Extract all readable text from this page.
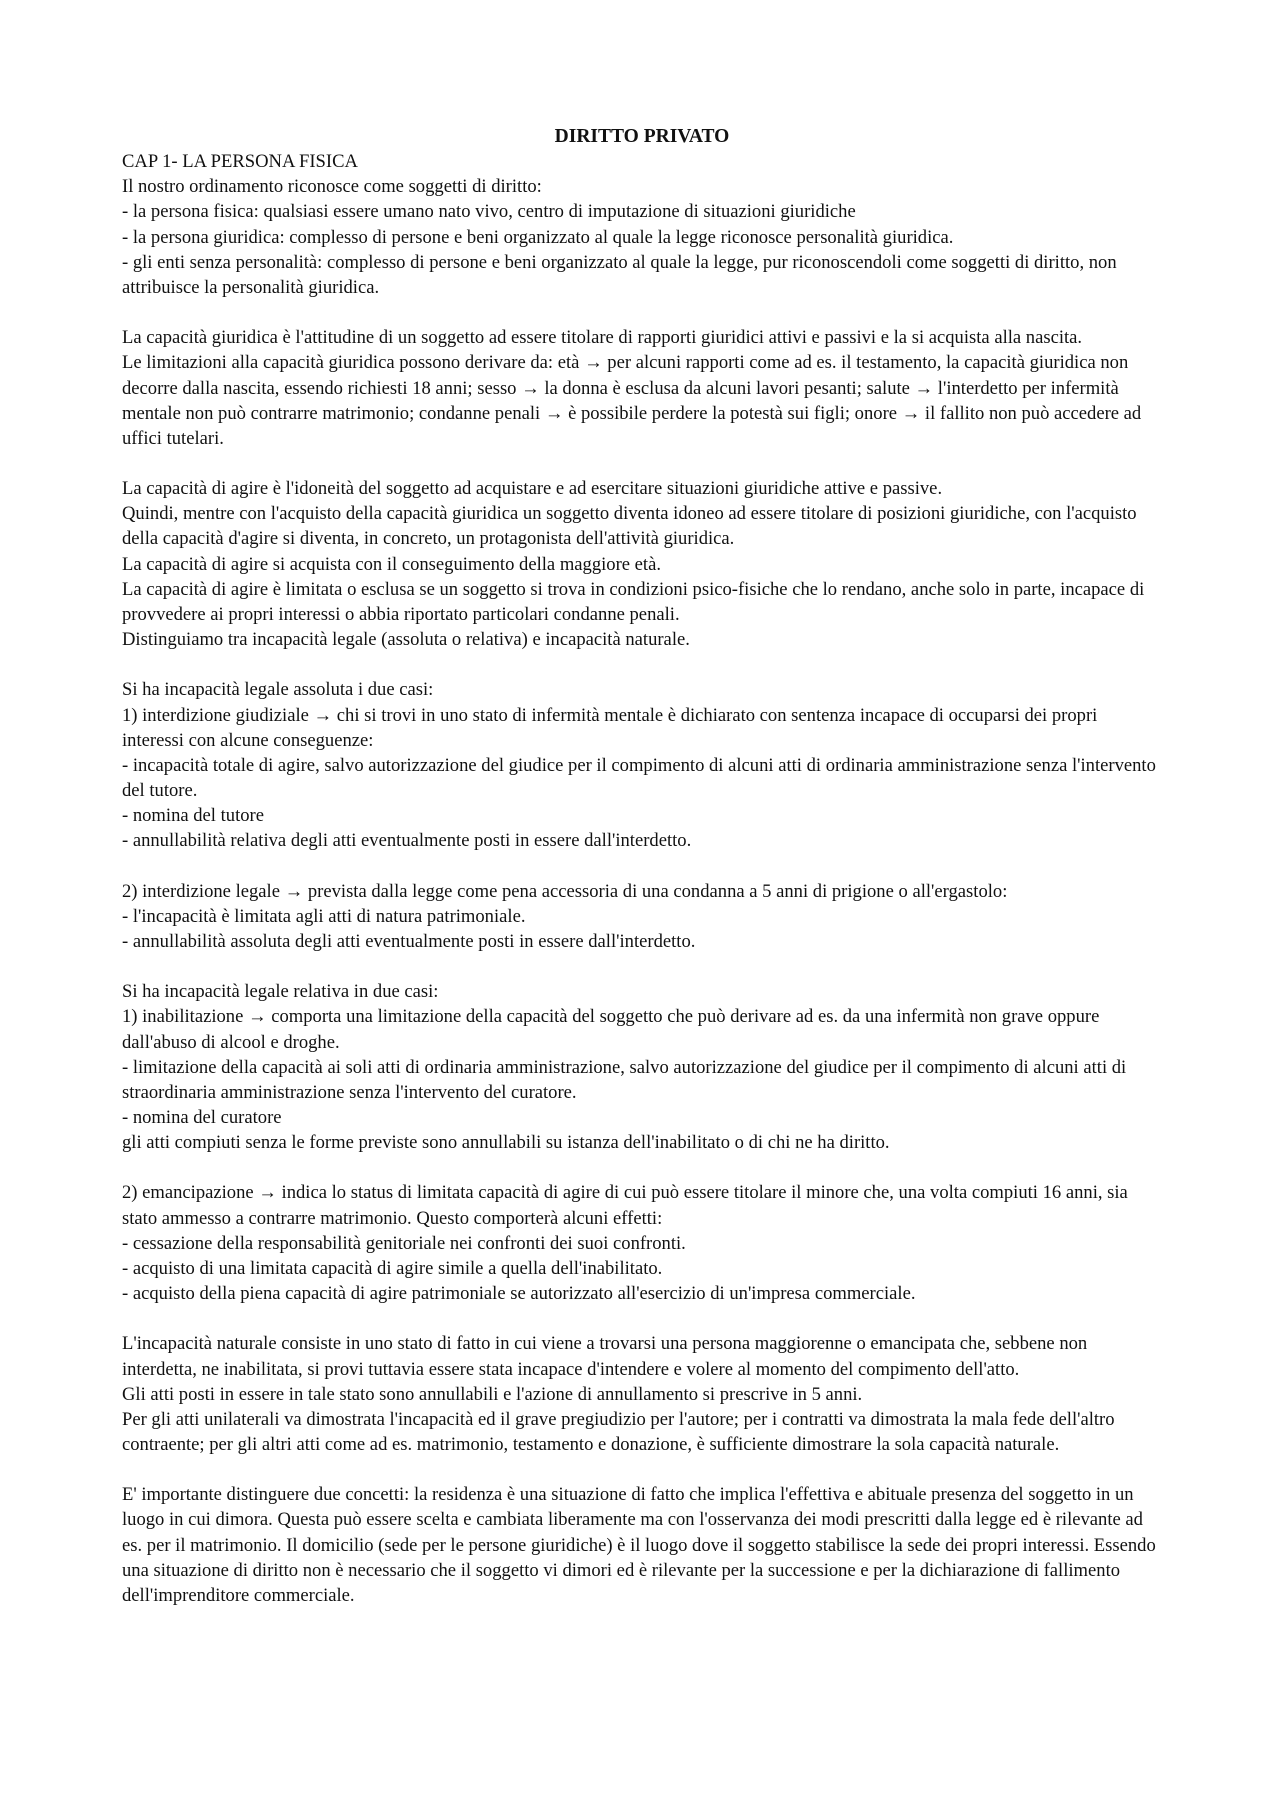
DIRITTO PRIVATO

CAP 1- LA PERSONA FISICA

Il nostro ordinamento riconosce come soggetti di diritto:

- la persona fisica: qualsiasi essere umano nato vivo, centro di imputazione di situazioni giuridiche

- la persona giuridica: complesso di persone e beni organizzato al quale la legge riconosce personalità giuridica.

- gli enti senza personalità: complesso di persone e beni organizzato al quale la legge, pur riconoscendoli come soggetti di diritto, non attribuisce la personalità giuridica.

La capacità giuridica è l'attitudine di un soggetto ad essere titolare di rapporti giuridici attivi e passivi e la si acquista alla nascita.

Le limitazioni alla capacità giuridica possono derivare da: età → per alcuni rapporti come ad es. il testamento, la capacità giuridica non decorre dalla nascita, essendo richiesti 18 anni; sesso → la donna è esclusa da alcuni lavori pesanti; salute → l'interdetto per infermità mentale non può contrarre matrimonio; condanne penali → è possibile perdere la potestà sui figli; onore → il fallito non può accedere ad uffici tutelari.

La capacità di agire è l'idoneità del soggetto ad acquistare e ad esercitare situazioni giuridiche attive e passive.

Quindi, mentre con l'acquisto della capacità giuridica un soggetto diventa idoneo ad essere titolare di posizioni giuridiche, con l'acquisto della capacità d'agire si diventa, in concreto, un protagonista dell'attività giuridica.

La capacità di agire si acquista con il conseguimento della maggiore età.

La capacità di agire è limitata o esclusa se un soggetto si trova in condizioni psico-fisiche che lo rendano, anche solo in parte, incapace di provvedere ai propri interessi o abbia riportato particolari condanne penali.

Distinguiamo tra incapacità legale (assoluta o relativa) e incapacità naturale.

Si ha incapacità legale assoluta i due casi:

1) interdizione giudiziale → chi si trovi in uno stato di infermità mentale è dichiarato con sentenza incapace di occuparsi dei propri interessi con alcune conseguenze:

- incapacità totale di agire, salvo autorizzazione del giudice per il compimento di alcuni atti di ordinaria amministrazione senza l'intervento del tutore.

- nomina del tutore

- annullabilità relativa degli atti eventualmente posti in essere dall'interdetto.

2) interdizione legale → prevista dalla legge come pena accessoria di una condanna a 5 anni di prigione o all'ergastolo:

- l'incapacità è limitata agli atti di natura patrimoniale.

- annullabilità assoluta degli atti eventualmente posti in essere dall'interdetto.

Si ha incapacità legale relativa in due casi:

1) inabilitazione → comporta una limitazione della capacità del soggetto che può derivare ad es. da una infermità non grave oppure dall'abuso di alcool e droghe.

- limitazione della capacità ai soli atti di ordinaria amministrazione, salvo autorizzazione del giudice per il compimento di alcuni atti di straordinaria amministrazione senza l'intervento del curatore.

- nomina del curatore

gli atti compiuti senza le forme previste sono annullabili su istanza dell'inabilitato o di chi ne ha diritto.

2) emancipazione → indica lo status di limitata capacità di agire di cui può essere titolare il minore che, una volta compiuti 16 anni, sia stato ammesso a contrarre matrimonio. Questo comporterà alcuni effetti:

- cessazione della responsabilità genitoriale nei confronti dei suoi confronti.

- acquisto di una limitata capacità di agire simile a quella dell'inabilitato.

- acquisto della piena capacità di agire patrimoniale se autorizzato all'esercizio di un'impresa commerciale.

L'incapacità naturale consiste in uno stato di fatto in cui viene a trovarsi una persona maggiorenne o emancipata che, sebbene non interdetta, ne inabilitata, si provi tuttavia essere stata incapace d'intendere e volere al momento del compimento dell'atto.

Gli atti posti in essere in tale stato sono annullabili e l'azione di annullamento si prescrive in 5 anni.

Per gli atti unilaterali va dimostrata l'incapacità ed il grave pregiudizio per l'autore; per i contratti va dimostrata la mala fede dell'altro contraente; per gli altri atti come ad es. matrimonio, testamento e donazione, è sufficiente dimostrare la sola capacità naturale.

E' importante distinguere due concetti: la residenza è una situazione di fatto che implica l'effettiva e abituale presenza del soggetto in un luogo in cui dimora. Questa può essere scelta e cambiata liberamente ma con l'osservanza dei modi prescritti dalla legge ed è rilevante ad es. per il matrimonio. Il domicilio (sede per le persone giuridiche) è il luogo dove il soggetto stabilisce la sede dei propri interessi. Essendo una situazione di diritto non è necessario che il soggetto vi dimori ed è rilevante per la successione e per la dichiarazione di fallimento dell'imprenditore commerciale.
